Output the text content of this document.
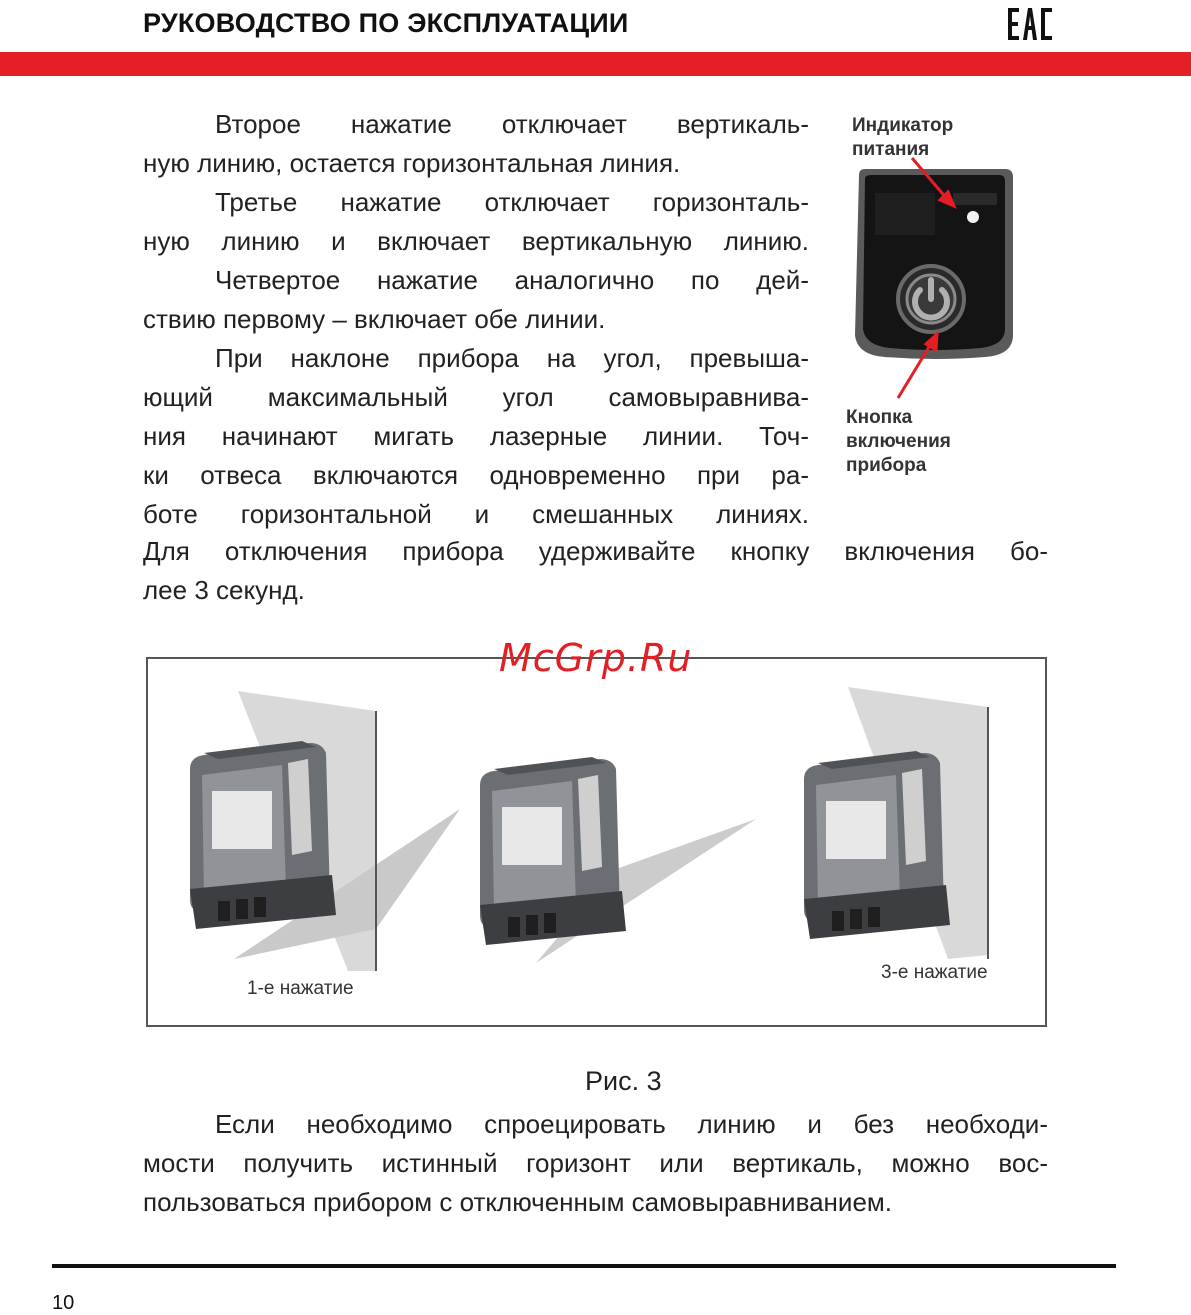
РУКОВОДСТВО ПО ЭКСПЛУАТАЦИИ
Второе нажатие отключает вертикаль-
ную линию, остается горизонтальная линия.
Третье нажатие отключает горизонталь-
ную линию и включает вертикальную линию.
Четвертое нажатие аналогично по дей-
ствию первому – включает обе линии.
При наклоне прибора на угол, превыша-
ющий максимальный угол самовыравнива-
ния начинают мигать лазерные линии. Точ-
ки отвеса включаются одновременно при ра-
боте горизонтальной и смешанных линиях.
Для отключения прибора удерживайте кнопку включения бо-
лее 3 секунд.
Индикатор
питания
Кнопка
включения
прибора
McGrp.Ru
1-е нажатие
3-е нажатие
Рис. 3
Если необходимо спроецировать линию и без необходи-
мости получить истинный горизонт или вертикаль, можно вос-
пользоваться прибором с отключенным самовыравниванием.
10
